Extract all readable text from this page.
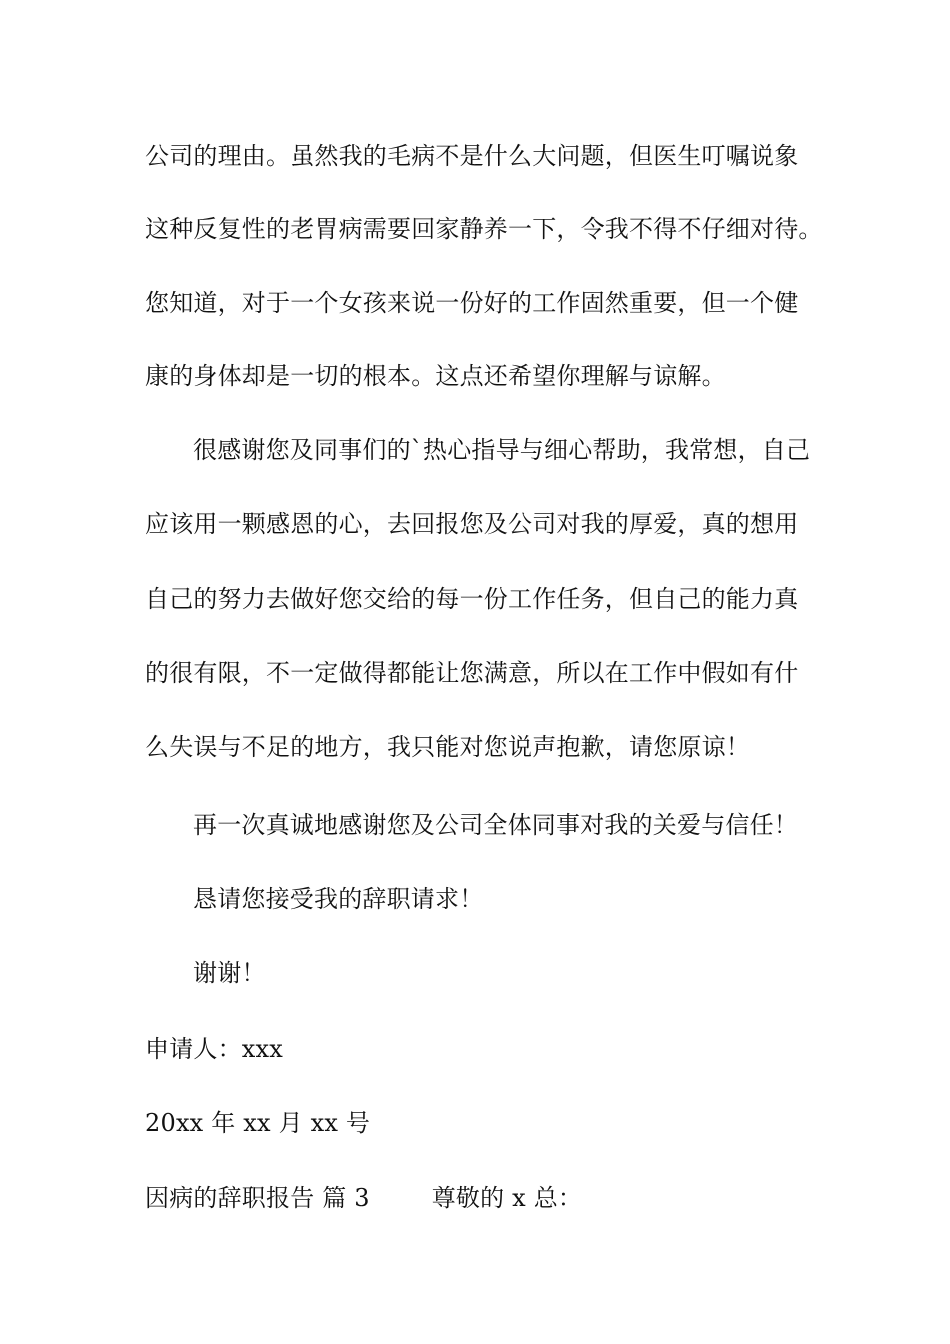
公司的理由。虽然我的毛病不是什么大问题，但医生叮嘱说象
这种反复性的老胃病需要回家静养一下，令我不得不仔细对待。
您知道，对于一个女孩来说一份好的工作固然重要，但一个健
康的身体却是一切的根本。这点还希望你理解与谅解。
很感谢您及同事们的`热心指导与细心帮助，我常想，自己
应该用一颗感恩的心，去回报您及公司对我的厚爱，真的想用
自己的努力去做好您交给的每一份工作任务，但自己的能力真
的很有限，不一定做得都能让您满意，所以在工作中假如有什
么失误与不足的地方，我只能对您说声抱歉，请您原谅！
再一次真诚地感谢您及公司全体同事对我的关爱与信任！
恳请您接受我的辞职请求！
谢谢！
申请人：xxx
20xx 年 xx 月 xx 号
因病的辞职报告 篇 3	尊敬的 x 总：
